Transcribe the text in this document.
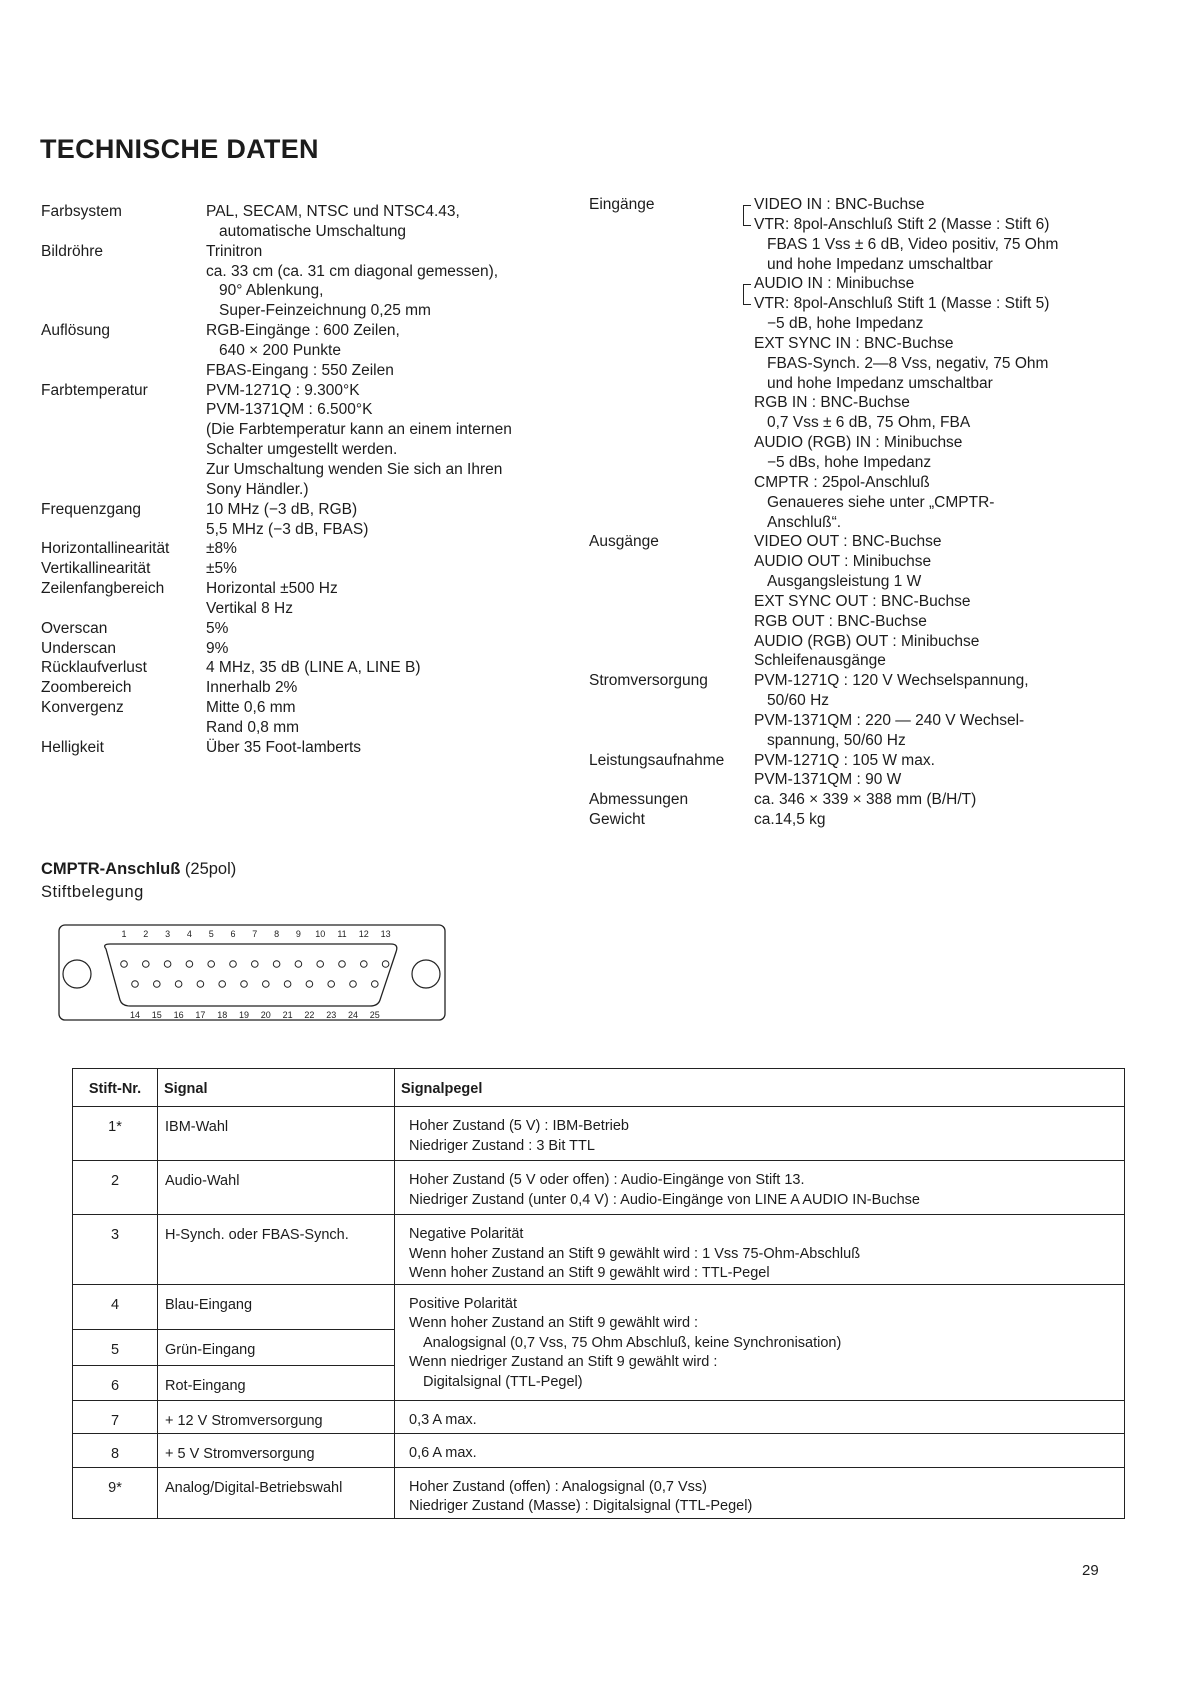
TECHNISCHE DATEN
Farbsystem	PAL, SECAM, NTSC und NTSC4.43,
automatische Umschaltung
Bildröhre	Trinitron
ca. 33 cm (ca. 31 cm diagonal gemessen),
90° Ablenkung,
Super-Feinzeichnung 0,25 mm
Auflösung	RGB-Eingänge : 600 Zeilen,
640 × 200 Punkte
FBAS-Eingang : 550 Zeilen
Farbtemperatur	PVM-1271Q : 9.300°K
PVM-1371QM : 6.500°K
(Die Farbtemperatur kann an einem internen
Schalter umgestellt werden.
Zur Umschaltung wenden Sie sich an Ihren
Sony Händler.)
Frequenzgang	10 MHz (−3 dB, RGB)
5,5 MHz (−3 dB, FBAS)
Horizontallinearität	±8%
Vertikallinearität	±5%
Zeilenfangbereich	Horizontal ±500 Hz
Vertikal 8 Hz
Overscan	5%
Underscan	9%
Rücklaufverlust	4 MHz, 35 dB (LINE A, LINE B)
Zoombereich	Innerhalb 2%
Konvergenz	Mitte 0,6 mm
Rand 0,8 mm
Helligkeit	Über 35 Foot-lamberts
Eingänge	VIDEO IN : BNC-Buchse
VTR: 8pol-Anschluß Stift 2 (Masse : Stift 6)
FBAS 1 Vss ± 6 dB, Video positiv, 75 Ohm
und hohe Impedanz umschaltbar
AUDIO IN : Minibuchse
VTR: 8pol-Anschluß Stift 1 (Masse : Stift 5)
−5 dB, hohe Impedanz
EXT SYNC IN : BNC-Buchse
FBAS-Synch. 2—8 Vss, negativ, 75 Ohm
und hohe Impedanz umschaltbar
RGB IN : BNC-Buchse
0,7 Vss ± 6 dB, 75 Ohm, FBA
AUDIO (RGB) IN : Minibuchse
−5 dBs, hohe Impedanz
CMPTR : 25pol-Anschluß
Genaueres siehe unter „CMPTR-
Anschluß“.
Ausgänge	VIDEO OUT : BNC-Buchse
AUDIO OUT : Minibuchse
Ausgangsleistung 1 W
EXT SYNC OUT : BNC-Buchse
RGB OUT : BNC-Buchse
AUDIO (RGB) OUT : Minibuchse
Schleifenausgänge
Stromversorgung	PVM-1271Q : 120 V Wechselspannung,
50/60 Hz
PVM-1371QM : 220 — 240 V Wechsel-
spannung, 50/60 Hz
Leistungsaufnahme	PVM-1271Q : 105 W max.
PVM-1371QM : 90 W
Abmessungen	ca. 346 × 339 × 388 mm (B/H/T)
Gewicht	ca.14,5 kg
CMPTR-Anschluß (25pol)
Stiftbelegung
1 2 3 4 5 6 7 8 9 10 11 12 13
14 15 16 17 18 19 20 21 22 23 24 25
Stift-Nr.	Signal	Signalpegel
1*	IBM-Wahl	Hoher Zustand (5 V) : IBM-Betrieb
Niedriger Zustand : 3 Bit TTL

2	Audio-Wahl	Hoher Zustand (5 V oder offen) : Audio-Eingänge von Stift 13.
Niedriger Zustand (unter 0,4 V) : Audio-Eingänge von LINE A AUDIO IN-Buchse

3	H-Synch. oder FBAS-Synch.	Negative Polarität
Wenn hoher Zustand an Stift 9 gewählt wird : 1 Vss 75-Ohm-Abschluß
Wenn hoher Zustand an Stift 9 gewählt wird : TTL-Pegel

4	Blau-Eingang	Positive Polarität
Wenn hoher Zustand an Stift 9 gewählt wird :
Analogsignal (0,7 Vss, 75 Ohm Abschluß, keine Synchronisation)
Wenn niedriger Zustand an Stift 9 gewählt wird :
Digitalsignal (TTL-Pegel)

5	Grün-Eingang	
6	Rot-Eingang	
7	+ 12 V Stromversorgung	0,3 A max.

8	+ 5 V Stromversorgung	0,6 A max.

9*	Analog/Digital-Betriebswahl	Hoher Zustand (offen) : Analogsignal (0,7 Vss)
Niedriger Zustand (Masse) : Digitalsignal (TTL-Pegel)
29
